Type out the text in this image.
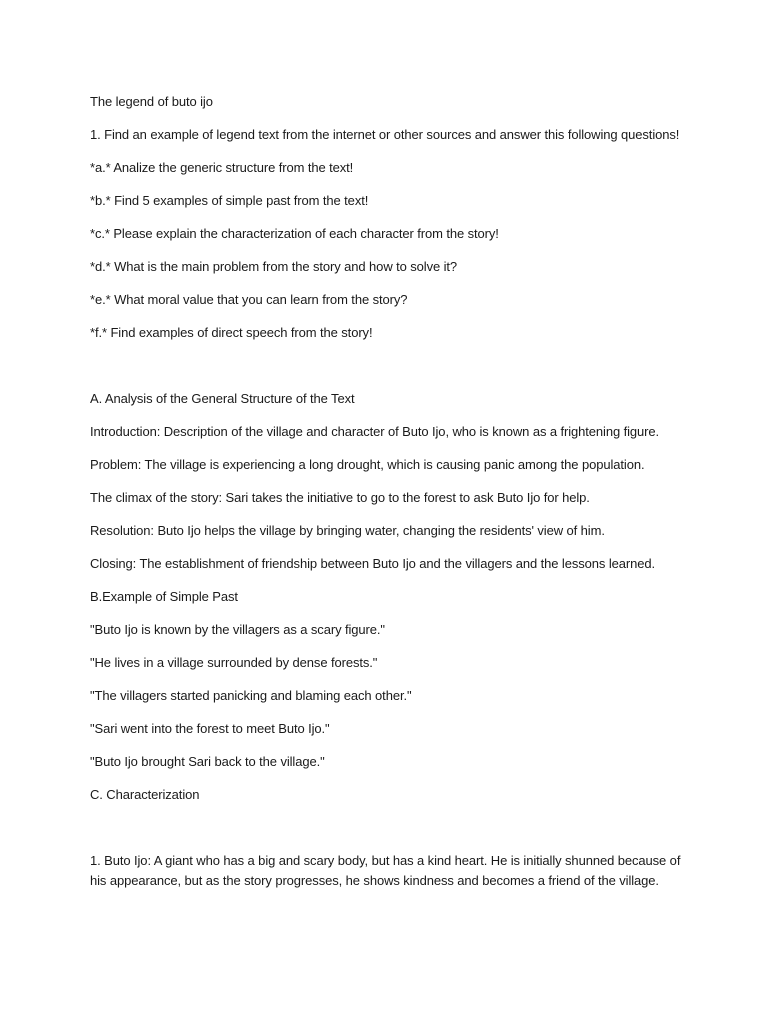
The legend of buto ijo

1. Find an example of legend text from the internet or other sources and answer this following questions!

*a.* Analize the generic structure from the text!

*b.* Find 5 examples of simple past from the text!

*c.* Please explain the characterization of each character from the story!

*d.* What is the main problem from the story and how to solve it?

*e.* What moral value that you can learn from the story?

*f.* Find examples of direct speech from the story!

A. Analysis of the General Structure of the Text

Introduction: Description of the village and character of Buto Ijo, who is known as a frightening figure.

Problem: The village is experiencing a long drought, which is causing panic among the population.

The climax of the story: Sari takes the initiative to go to the forest to ask Buto Ijo for help.

Resolution: Buto Ijo helps the village by bringing water, changing the residents' view of him.

Closing: The establishment of friendship between Buto Ijo and the villagers and the lessons learned.

B.Example of Simple Past

"Buto Ijo is known by the villagers as a scary figure."

"He lives in a village surrounded by dense forests."

"The villagers started panicking and blaming each other."

"Sari went into the forest to meet Buto Ijo."

"Buto Ijo brought Sari back to the village."

C. Characterization

1. Buto Ijo: A giant who has a big and scary body, but has a kind heart. He is initially shunned because of his appearance, but as the story progresses, he shows kindness and becomes a friend of the village.
